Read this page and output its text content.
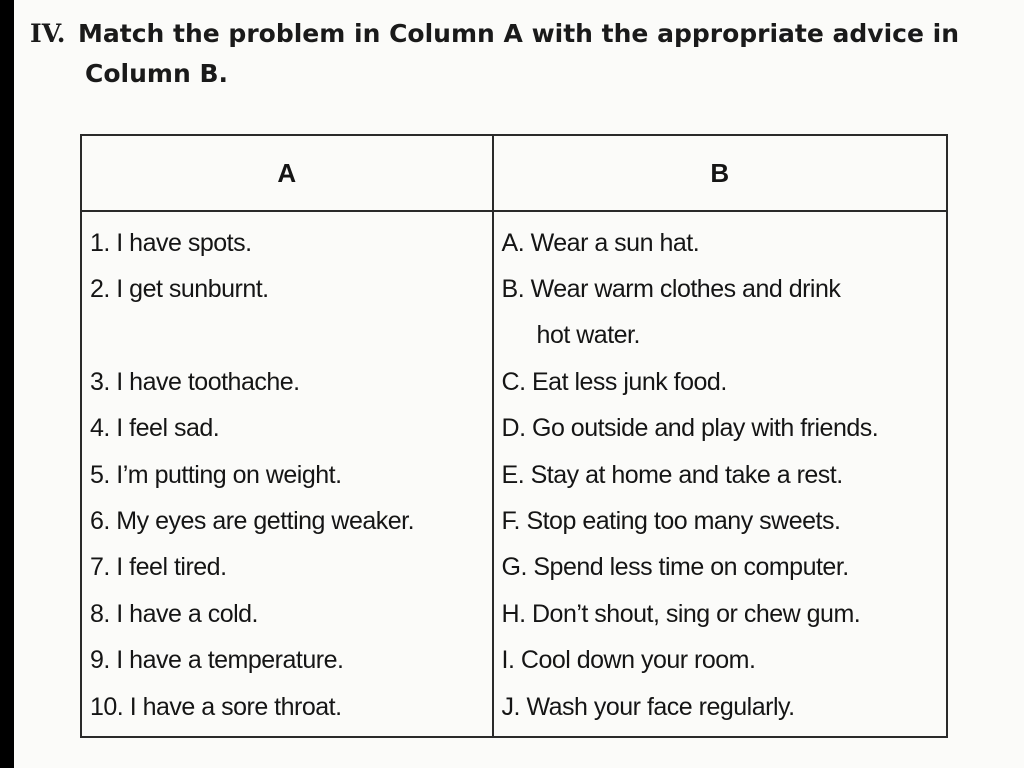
IV. Match the problem in Column A with the appropriate advice in
Column B.
A	B
1. I have spots.	A. Wear a sun hat.
2. I get sunburnt.	B. Wear warm clothes and drink
	hot water.
3. I have toothache.	C. Eat less junk food.
4. I feel sad.	D. Go outside and play with friends.
5. I’m putting on weight.	E. Stay at home and take a rest.
6. My eyes are getting weaker.	F. Stop eating too many sweets.
7. I feel tired.	G. Spend less time on computer.
8. I have a cold.	H. Don’t shout, sing or chew gum.
9. I have a temperature.	I. Cool down your room.
10. I have a sore throat.	J. Wash your face regularly.
